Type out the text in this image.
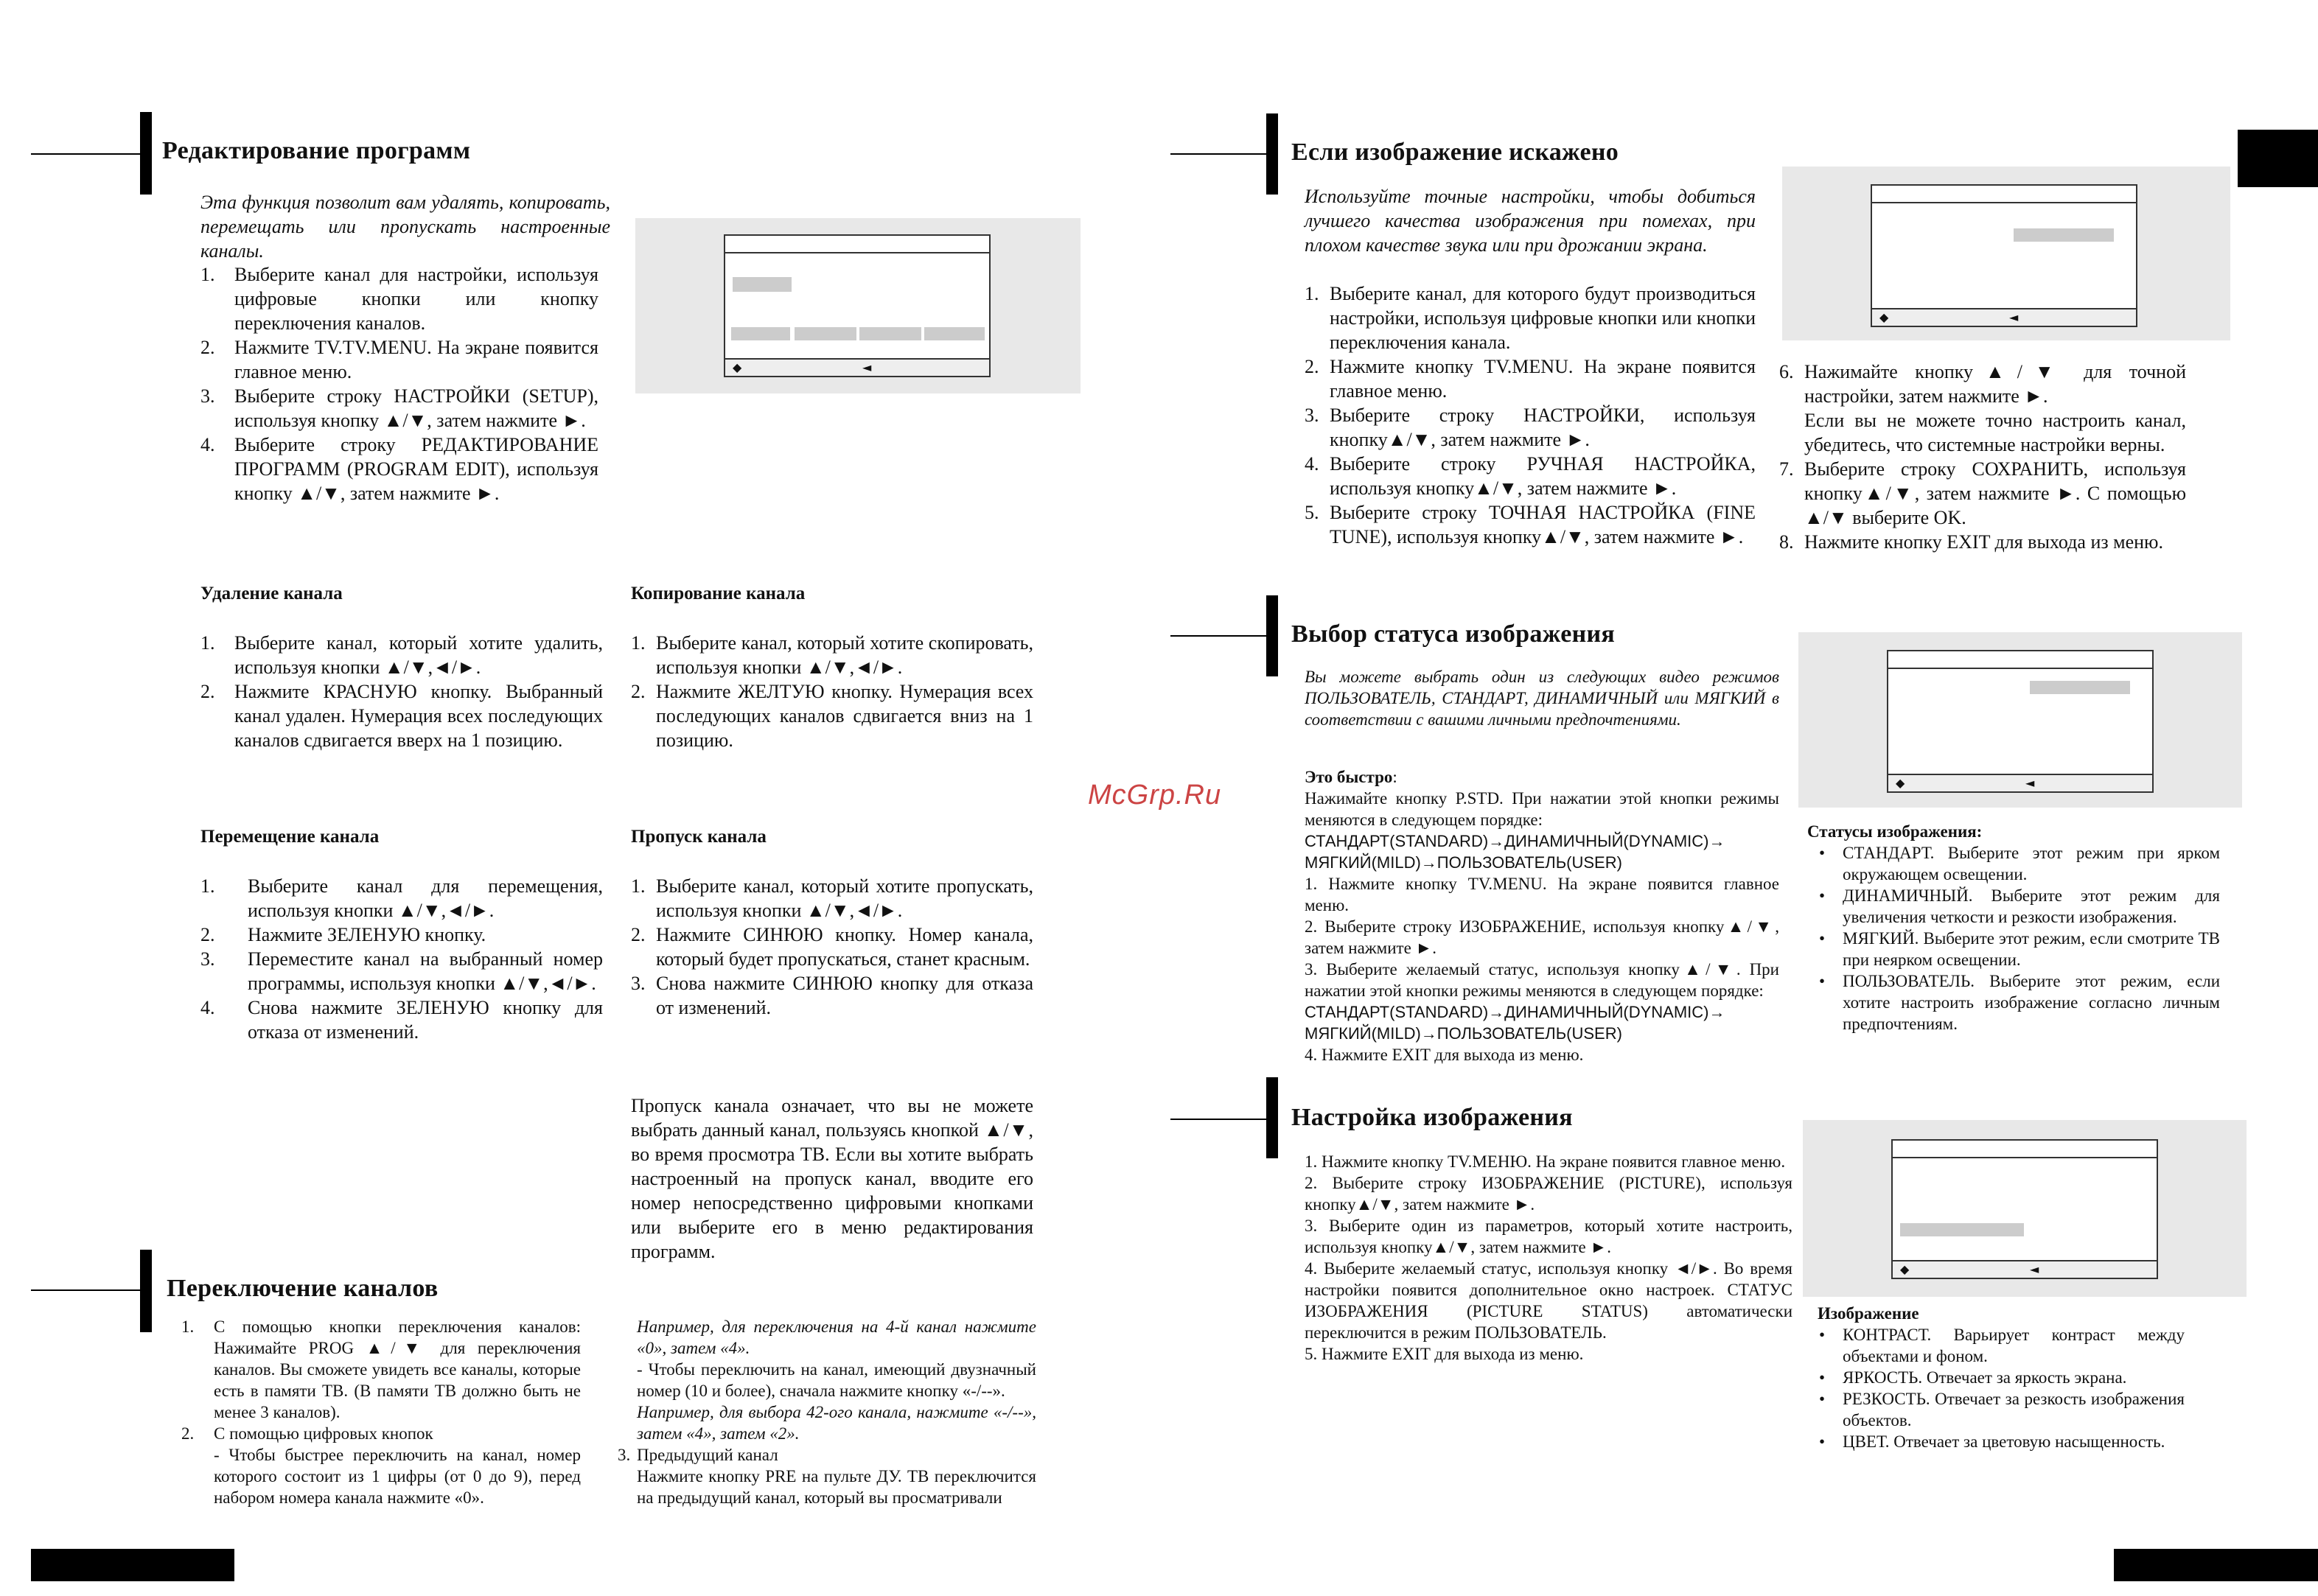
Редактирование программ
Эта функция позволит вам удалять, копировать, перемещать или пропускать настроенные каналы.
1. Выберите канал для настройки, используя цифровые кнопки или кнопку переключения каналов.
2. Нажмите TV.TV.MENU. На экране появится главное меню.
3. Выберите строку НАСТРОЙКИ (SETUP), используя кнопку ▲/▼, затем нажмите ►.
4. Выберите строку РЕДАКТИРОВАНИЕ ПРОГРАММ (PROGRAM EDIT), используя кнопку ▲/▼, затем нажмите ►.
◆	◄
Удаление канала
1. Выберите канал, который хотите удалить, используя кнопки ▲/▼,◄/►.
2. Нажмите КРАСНУЮ кнопку. Выбранный канал удален. Нумерация всех последующих каналов сдвигается вверх на 1 позицию.
Копирование канала
1. Выберите канал, который хотите скопировать, используя кнопки ▲/▼,◄/►.
2. Нажмите ЖЕЛТУЮ кнопку. Нумерация всех последующих каналов сдвигается вниз на 1 позицию.
Перемещение канала
1. Выберите канал для перемещения, используя кнопки ▲/▼,◄/►.
2. Нажмите ЗЕЛЕНУЮ кнопку.
3. Переместите канал на выбранный номер программы, используя кнопки ▲/▼,◄/►.
4. Снова нажмите ЗЕЛЕНУЮ кнопку для отказа от изменений.
Пропуск канала
1. Выберите канал, который хотите пропускать, используя кнопки ▲/▼,◄/►.
2. Нажмите СИНЮЮ кнопку. Номер канала, который будет пропускаться, станет красным.
3. Снова нажмите СИНЮЮ кнопку для отказа от изменений.
Пропуск канала означает, что вы не можете выбрать данный канал, пользуясь кнопкой ▲/▼, во время просмотра ТВ. Если вы хотите выбрать настроенный на пропуск канал, вводите его номер непосредственно цифровыми кнопками или выберите его в меню редактирования программ.
Переключение каналов
1. С помощью кнопки переключения каналов: Нажимайте PROG ▲/▼ для переключения каналов. Вы сможете увидеть все каналы, которые есть в памяти ТВ. (В памяти ТВ должно быть не менее 3 каналов).
2. С помощью цифровых кнопок
- Чтобы быстрее переключить на канал, номер которого состоит из 1 цифры (от 0 до 9), перед набором номера канала нажмите «0».
Например, для переключения на 4-й канал нажмите «0», затем «4».
- Чтобы переключить на канал, имеющий двузначный номер (10 и более), сначала нажмите кнопку «-/--».
Например, для выбора 42-ого канала, нажмите «-/--», затем «4», затем «2».
3. Предыдущий канал
Нажмите кнопку PRE на пульте ДУ. ТВ переключится на предыдущий канал, который вы просматривали
McGrp.Ru
Если изображение искажено
Используйте точные настройки, чтобы добиться лучшего качества изображения при помехах, при плохом качестве звука или при дрожании экрана.
1. Выберите канал, для которого будут производиться настройки, используя цифровые кнопки или кнопки переключения канала.
2. Нажмите кнопку TV.MENU. На экране появится главное меню.
3. Выберите строку НАСТРОЙКИ, используя кнопку▲/▼, затем нажмите ►.
4. Выберите строку РУЧНАЯ НАСТРОЙКА, используя кнопку▲/▼, затем нажмите ►.
5. Выберите строку ТОЧНАЯ НАСТРОЙКА (FINE TUNE), используя кнопку▲/▼, затем нажмите ►.
◆	◄
6. Нажимайте кнопку▲/▼ для точной настройки, затем нажмите ►.
Если вы не можете точно настроить канал, убедитесь, что системные настройки верны.
7. Выберите строку СОХРАНИТЬ, используя кнопку▲/▼, затем нажмите ►. С помощью ▲/▼ выберите OK.
8. Нажмите кнопку EXIT для выхода из меню.
Выбор статуса изображения
Вы можете выбрать один из следующих видео режимов ПОЛЬЗОВАТЕЛЬ, СТАНДАРТ, ДИНАМИЧНЫЙ или МЯГКИЙ в соответствии с вашими личными предпочтениями.
Это быстро:
Нажимайте кнопку P.STD. При нажатии этой кнопки режимы меняются в следующем порядке:
СТАНДАРТ(STANDARD)→ДИНАМИЧНЫЙ(DYNAMIC)→
МЯГКИЙ(MILD)→ПОЛЬЗОВАТЕЛЬ(USER)
1. Нажмите кнопку TV.MENU. На экране появится главное меню.
2. Выберите строку ИЗОБРАЖЕНИЕ, используя кнопку▲/▼, затем нажмите ►.
3. Выберите желаемый статус, используя кнопку▲/▼. При нажатии этой кнопки режимы меняются в следующем порядке:
СТАНДАРТ(STANDARD)→ДИНАМИЧНЫЙ(DYNAMIC)→
МЯГКИЙ(MILD)→ПОЛЬЗОВАТЕЛЬ(USER)
4. Нажмите EXIT для выхода из меню.
◆	◄
Статусы изображения:
• СТАНДАРТ. Выберите этот режим при ярком окружающем освещении.
• ДИНАМИЧНЫЙ. Выберите этот режим для увеличения четкости и резкости изображения.
• МЯГКИЙ. Выберите этот режим, если смотрите ТВ при неярком освещении.
• ПОЛЬЗОВАТЕЛЬ. Выберите этот режим, если хотите настроить изображение согласно личным предпочтениям.
Настройка изображения
1. Нажмите кнопку TV.МЕНЮ. На экране появится главное меню.
2. Выберите строку ИЗОБРАЖЕНИЕ (PICTURE), используя кнопку▲/▼, затем нажмите ►.
3. Выберите один из параметров, который хотите настроить, используя кнопку▲/▼, затем нажмите ►.
4. Выберите желаемый статус, используя кнопку ◄/►. Во время настройки появится дополнительное окно настроек. СТАТУС ИЗОБРАЖЕНИЯ (PICTURE STATUS) автоматически переключится в режим ПОЛЬЗОВАТЕЛЬ.
5. Нажмите EXIT для выхода из меню.
◆	◄
Изображение
• КОНТРАСТ. Варьирует контраст между объектами и фоном.
• ЯРКОСТЬ. Отвечает за яркость экрана.
• РЕЗКОСТЬ. Отвечает за резкость изображения объектов.
• ЦВЕТ. Отвечает за цветовую насыщенность.
